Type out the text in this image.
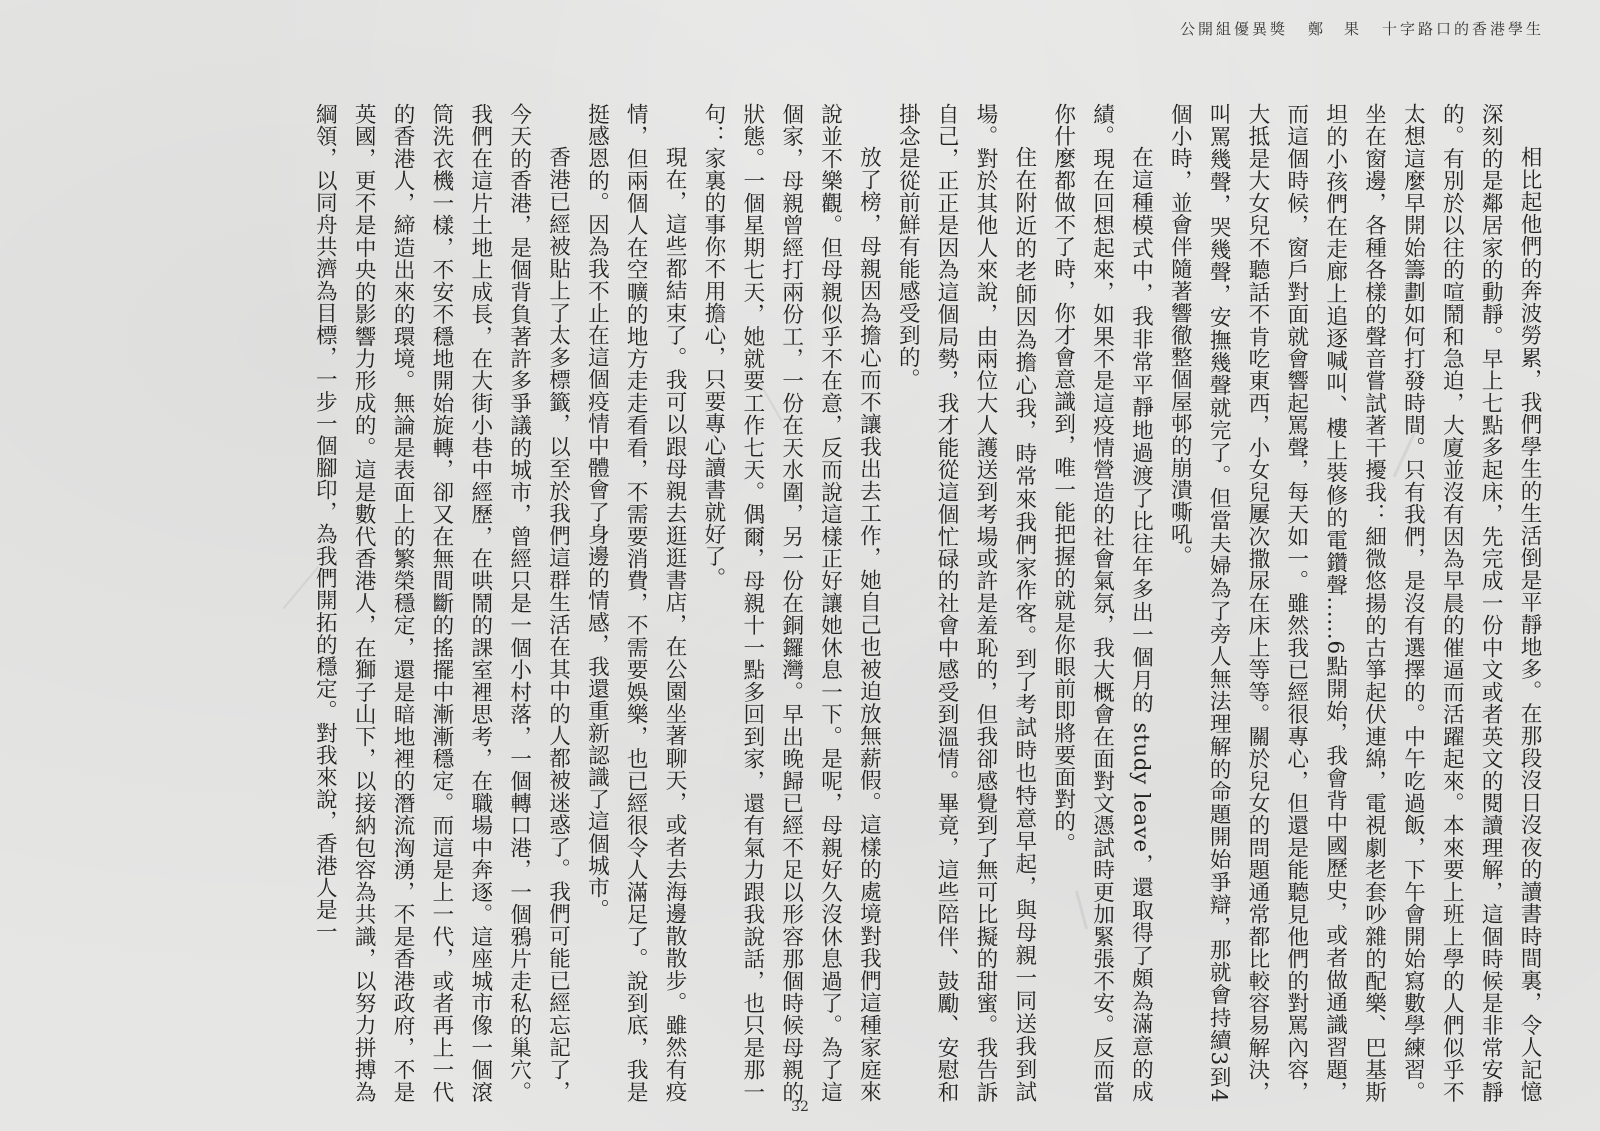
公開組優異獎 鄭　果 十字路口的香港學生

相比起他們的奔波勞累，我們學生的生活倒是平靜地多。在那段沒日沒夜的讀書時間裏，令人記憶深刻的是鄰居家的動靜。早上七點多起床，先完成一份中文或者英文的閱讀理解，這個時候是非常安靜的。有別於以往的喧鬧和急迫，大廈並沒有因為早晨的催逼而活躍起來。本來要上班上學的人們似乎不太想這麼早開始籌劃如何打發時間。只有我們，是沒有選擇的。中午吃過飯，下午會開始寫數學練習。坐在窗邊，各種各樣的聲音嘗試著干擾我：細微悠揚的古箏起伏連綿，電視劇老套吵雜的配樂、巴基斯坦的小孩們在走廊上追逐喊叫、樓上裝修的電鑽聲……6點開始，我會背中國歷史，或者做通識習題，而這個時候，窗戶對面就會響起罵聲，每天如一。雖然我已經很專心，但還是能聽見他們的對罵內容，大抵是大女兒不聽話不肯吃東西，小女兒屢次撒尿在床上等等。關於兒女的問題通常都比較容易解決，叫罵幾聲，哭幾聲，安撫幾聲就完了。但當夫婦為了旁人無法理解的命題開始爭辯，那就會持續3到4個小時，並會伴隨著響徹整個屋邨的崩潰嘶吼。

在這種模式中，我非常平靜地過渡了比往年多出一個月的 study leave，還取得了頗為滿意的成績。現在回想起來，如果不是這疫情營造的社會氣氛，我大概會在面對文憑試時更加緊張不安。反而當你什麼都做不了時，你才會意識到，唯一能把握的就是你眼前即將要面對的。

住在附近的老師因為擔心我，時常來我們家作客。到了考試時也特意早起，與母親一同送我到試場。對於其他人來說，由兩位大人護送到考場或許是羞恥的，但我卻感覺到了無可比擬的甜蜜。我告訴自己，正正是因為這個局勢，我才能從這個忙碌的社會中感受到溫情。畢竟，這些陪伴、鼓勵、安慰和掛念是從前鮮有能感受到的。

放了榜，母親因為擔心而不讓我出去工作，她自己也被迫放無薪假。這樣的處境對我們這種家庭來說並不樂觀。但母親似乎不在意，反而說這樣正好讓她休息一下。是呢，母親好久沒休息過了。為了這個家，母親曾經打兩份工，一份在天水圍，另一份在銅鑼灣。早出晚歸已經不足以形容那個時候母親的狀態。一個星期七天，她就要工作七天。偶爾，母親十一點多回到家，還有氣力跟我說話，也只是那一句：家裏的事你不用擔心，只要專心讀書就好了。

現在，這些都結束了。我可以跟母親去逛逛書店，在公園坐著聊天，或者去海邊散散步。雖然有疫情，但兩個人在空曠的地方走走看看，不需要消費，不需要娛樂，也已經很令人滿足了。說到底，我是挺感恩的。因為我不止在這個疫情中體會了身邊的情感，我還重新認識了這個城市。

香港已經被貼上了太多標籤，以至於我們這群生活在其中的人都被迷惑了。我們可能已經忘記了，今天的香港，是個背負著許多爭議的城市，曾經只是一個小村落，一個轉口港，一個鴉片走私的巢穴。我們在這片土地上成長，在大街小巷中經歷，在哄鬧的課室裡思考，在職場中奔逐。這座城市像一個滾筒洗衣機一樣，不安不穩地開始旋轉，卻又在無間斷的搖擺中漸漸穩定。而這是上一代，或者再上一代的香港人，締造出來的環境。無論是表面上的繁榮穩定，還是暗地裡的潛流洶湧，不是香港政府，不是英國，更不是中央的影響力形成的。這是數代香港人，在獅子山下，以接納包容為共識，以努力拼搏為綱領，以同舟共濟為目標，一步一個腳印，為我們開拓的穩定。對我來說，香港人是一

32
